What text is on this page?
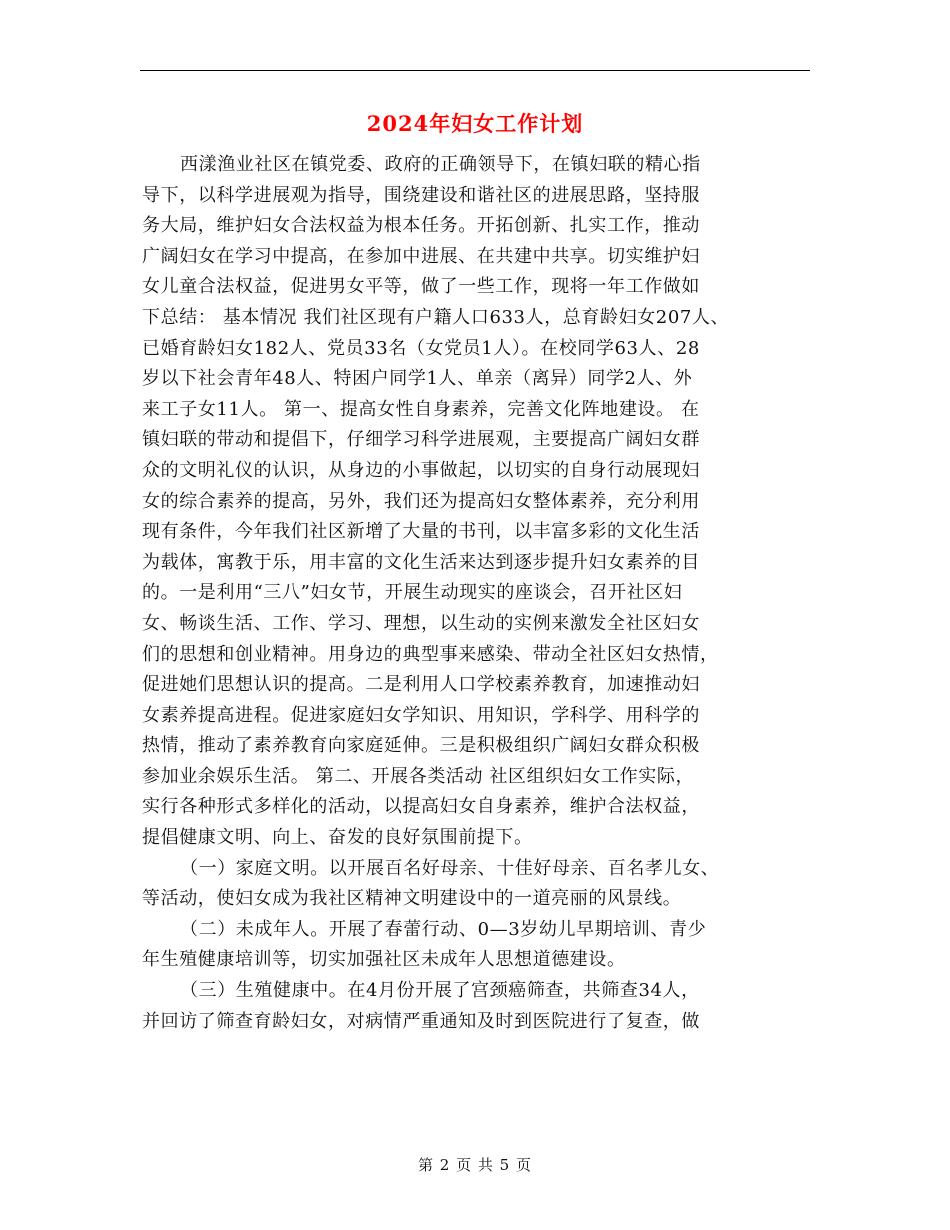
2024年妇女工作计划
西漾渔业社区在镇党委、政府的正确领导下，在镇妇联的精心指
导下，以科学进展观为指导，围绕建设和谐社区的进展思路，坚持服
务大局，维护妇女合法权益为根本任务。开拓创新、扎实工作，推动
广阔妇女在学习中提高，在参加中进展、在共建中共享。切实维护妇
女儿童合法权益，促进男女平等，做了一些工作，现将一年工作做如
下总结： 基本情况 我们社区现有户籍人口633人，总育龄妇女207人、
已婚育龄妇女182人、党员33名（女党员1人）。在校同学63人、28
岁以下社会青年48人、特困户同学1人、单亲（离异）同学2人、外
来工子女11人。 第一、提高女性自身素养，完善文化阵地建设。 在
镇妇联的带动和提倡下，仔细学习科学进展观，主要提高广阔妇女群
众的文明礼仪的认识，从身边的小事做起，以切实的自身行动展现妇
女的综合素养的提高，另外，我们还为提高妇女整体素养，充分利用
现有条件，今年我们社区新增了大量的书刊，以丰富多彩的文化生活
为载体，寓教于乐，用丰富的文化生活来达到逐步提升妇女素养的目
的。一是利用“三八”妇女节，开展生动现实的座谈会，召开社区妇
女、畅谈生活、工作、学习、理想，以生动的实例来激发全社区妇女
们的思想和创业精神。用身边的典型事来感染、带动全社区妇女热情，
促进她们思想认识的提高。二是利用人口学校素养教育，加速推动妇
女素养提高进程。促进家庭妇女学知识、用知识，学科学、用科学的
热情，推动了素养教育向家庭延伸。三是积极组织广阔妇女群众积极
参加业余娱乐生活。 第二、开展各类活动 社区组织妇女工作实际，
实行各种形式多样化的活动，以提高妇女自身素养，维护合法权益，
提倡健康文明、向上、奋发的良好氛围前提下。
（一）家庭文明。以开展百名好母亲、十佳好母亲、百名孝儿女、
等活动，使妇女成为我社区精神文明建设中的一道亮丽的风景线。
（二）未成年人。开展了春蕾行动、0—3岁幼儿早期培训、青少
年生殖健康培训等，切实加强社区未成年人思想道德建设。
（三）生殖健康中。在4月份开展了宫颈癌筛查，共筛查34人，
并回访了筛查育龄妇女，对病情严重通知及时到医院进行了复查，做
第 2 页 共 5 页
